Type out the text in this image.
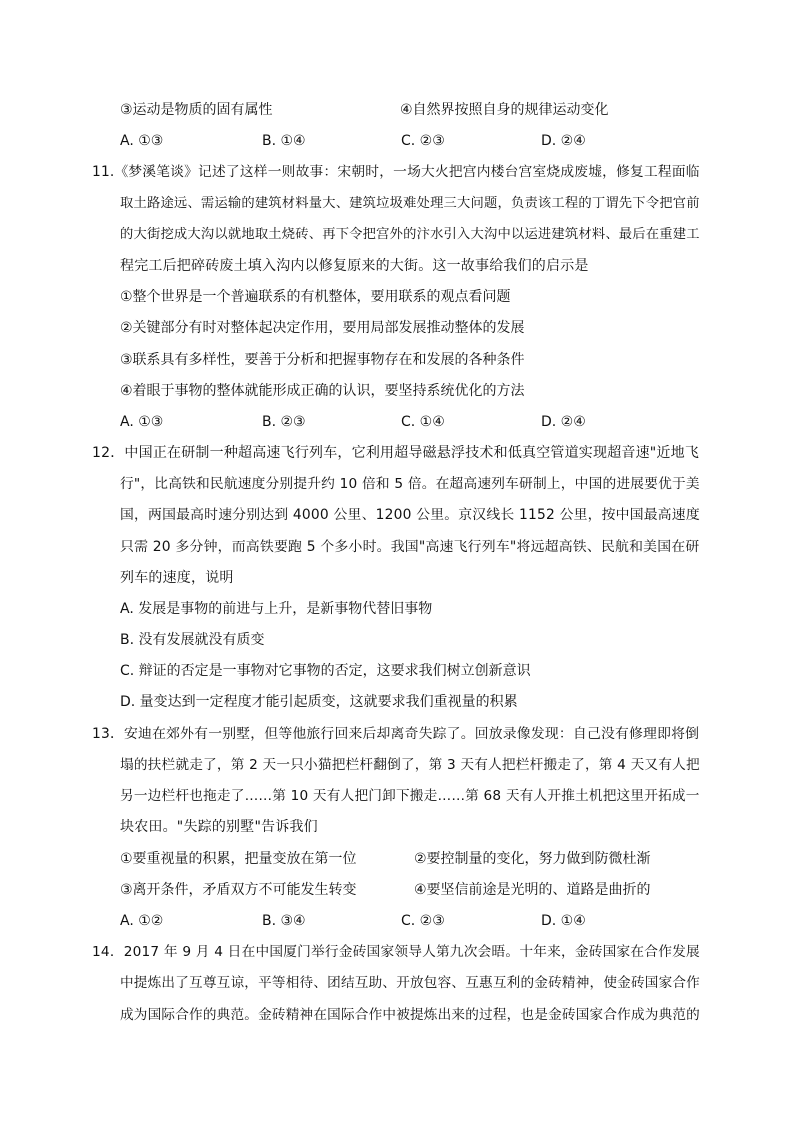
③运动是物质的固有属性	④自然界按照自身的规律运动变化
A. ①③	B. ①④	C. ②③	D. ②④
11.《梦溪笔谈》记述了这样一则故事：宋朝时，一场大火把宫内楼台宫室烧成废墟，修复工程面临
取土路途远、需运输的建筑材料量大、建筑垃圾难处理三大问题，负责该工程的丁谓先下令把官前
的大街挖成大沟以就地取土烧砖、再下令把宫外的汴水引入大沟中以运进建筑材料、最后在重建工
程完工后把碎砖废土填入沟内以修复原来的大街。这一故事给我们的启示是
①整个世界是一个普遍联系的有机整体，要用联系的观点看问题
②关键部分有时对整体起决定作用，要用局部发展推动整体的发展
③联系具有多样性，要善于分析和把握事物存在和发展的各种条件
④着眼于事物的整体就能形成正确的认识，要坚持系统优化的方法
A. ①③	B. ②③	C. ①④	D. ②④
12．中国正在研制一种超高速飞行列车，它利用超导磁悬浮技术和低真空管道实现超音速"近地飞
行"，比高铁和民航速度分别提升约 10 倍和 5 倍。在超高速列车研制上，中国的进展要优于美
国，两国最高时速分别达到 4000 公里、1200 公里。京汉线长 1152 公里，按中国最高速度
只需 20 多分钟，而高铁要跑 5 个多小时。我国"高速飞行列车"将远超高铁、民航和美国在研
列车的速度，说明
A. 发展是事物的前进与上升，是新事物代替旧事物
B. 没有发展就没有质变
C. 辩证的否定是一事物对它事物的否定，这要求我们树立创新意识
D. 量变达到一定程度才能引起质变，这就要求我们重视量的积累
13．安迪在郊外有一别墅，但等他旅行回来后却离奇失踪了。回放录像发现：自己没有修理即将倒
塌的扶栏就走了，第 2 天一只小猫把栏杆翻倒了，第 3 天有人把栏杆搬走了，第 4 天又有人把
另一边栏杆也拖走了……第 10 天有人把门卸下搬走……第 68 天有人开推土机把这里开拓成一
块农田。"失踪的别墅"告诉我们
①要重视量的积累，把量变放在第一位	②要控制量的变化，努力做到防微杜渐
③离开条件，矛盾双方不可能发生转变	④要坚信前途是光明的、道路是曲折的
A. ①②	B. ③④	C. ②③	D. ①④
14．2017 年 9 月 4 日在中国厦门举行金砖国家领导人第九次会晤。十年来，金砖国家在合作发展
中提炼出了互尊互谅，平等相待、团结互助、开放包容、互惠互利的金砖精神，使金砖国家合作
成为国际合作的典范。金砖精神在国际合作中被提炼出来的过程，也是金砖国家合作成为典范的
